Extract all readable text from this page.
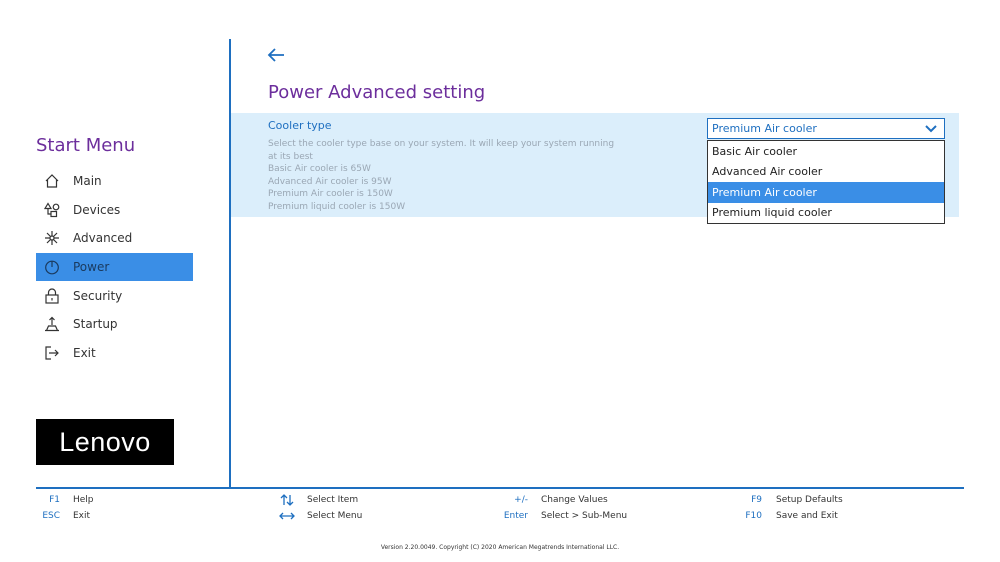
Start Menu
Main
Devices
Advanced
Power
Security
Startup
Exit
Lenovo
Power Advanced setting
Cooler type
Select the cooler type base on your system. It will keep your system running
at its best
Basic Air cooler is 65W
Advanced Air cooler is 95W
Premium Air cooler is 150W
Premium liquid cooler is 150W
Premium Air cooler
Basic Air cooler
Advanced Air cooler
Premium Air cooler
Premium liquid cooler
F1 Help
ESC Exit
Select Item
Select Menu
+/- Change Values
Enter Select > Sub-Menu
F9 Setup Defaults
F10 Save and Exit
Version 2.20.0049. Copyright (C) 2020 American Megatrends International LLC.
